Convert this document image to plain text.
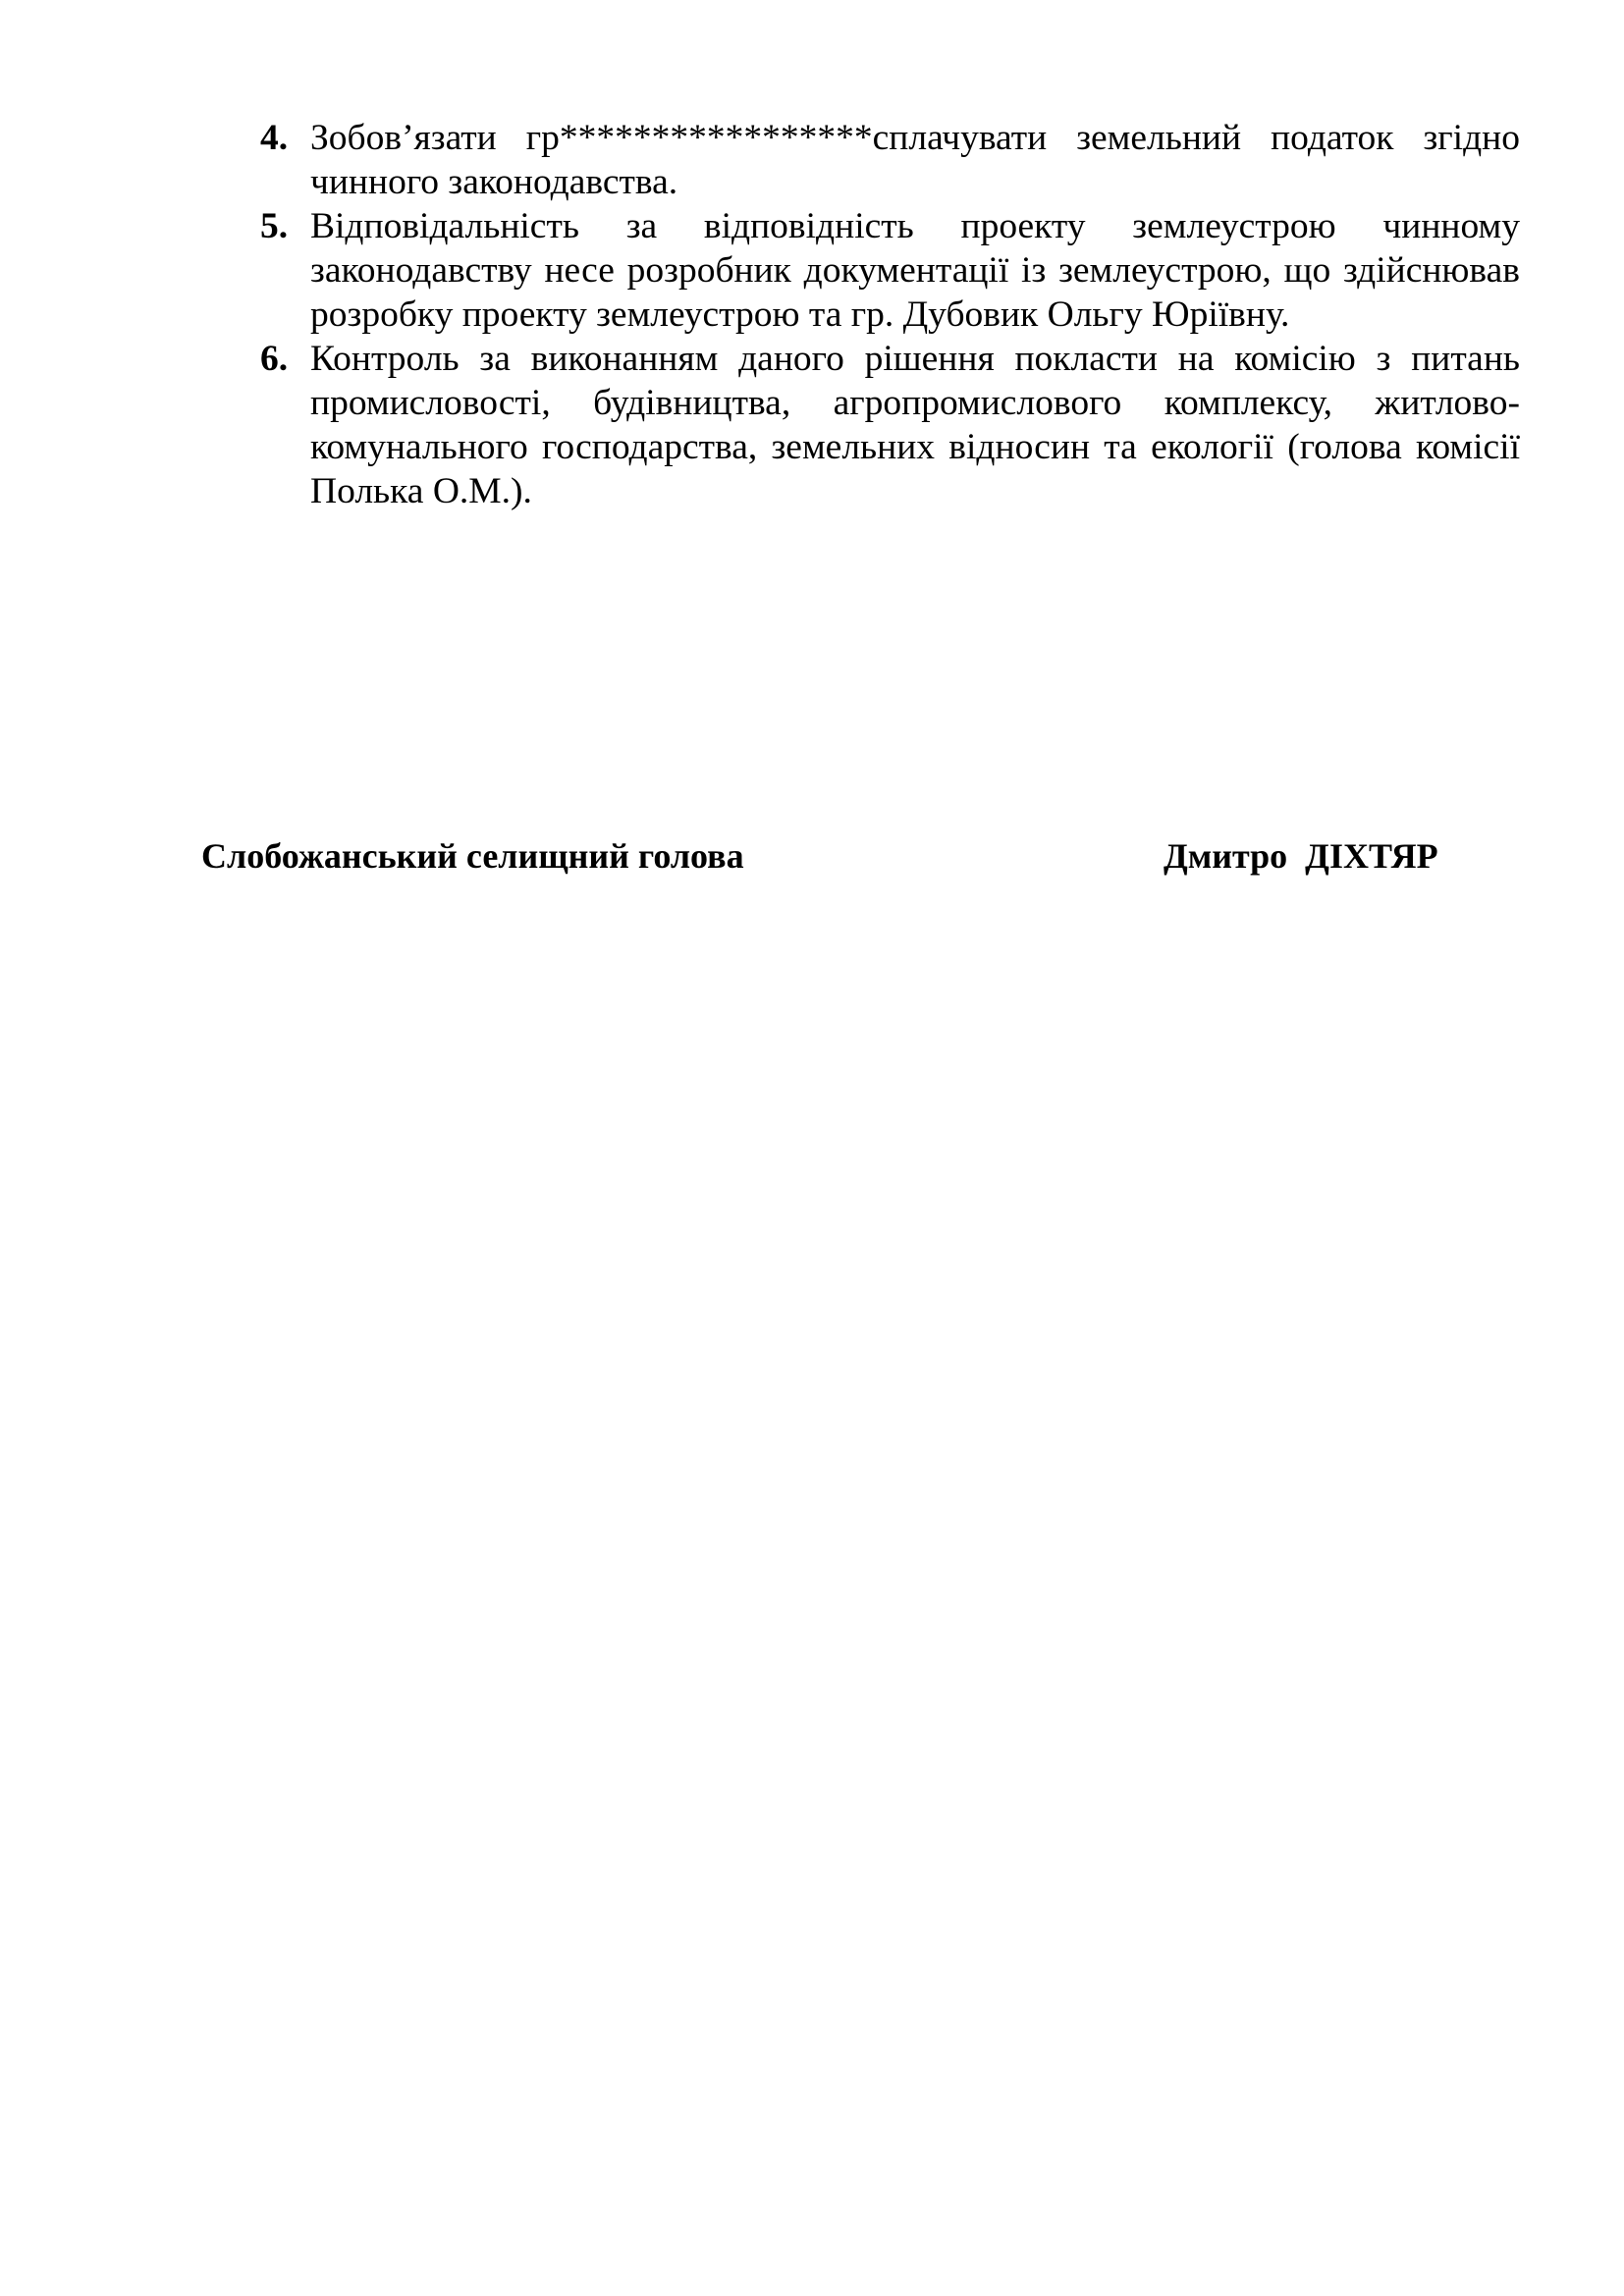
4. Зобов’язати гр*****************сплачувати земельний податок згідно чинного законодавства.
5. Відповідальність за відповідність проекту землеустрою чинному законодавству несе розробник документації із землеустрою, що здійснював розробку проекту землеустрою та гр. Дубовик Ольгу Юріївну.
6. Контроль за виконанням даного рішення покласти на комісію з питань промисловості, будівництва, агропромислового комплексу, житлово-комунального господарства, земельних відносин та екології (голова комісії Полька О.М.).
Слобожанський селищний голова	Дмитро  ДІХТЯР
